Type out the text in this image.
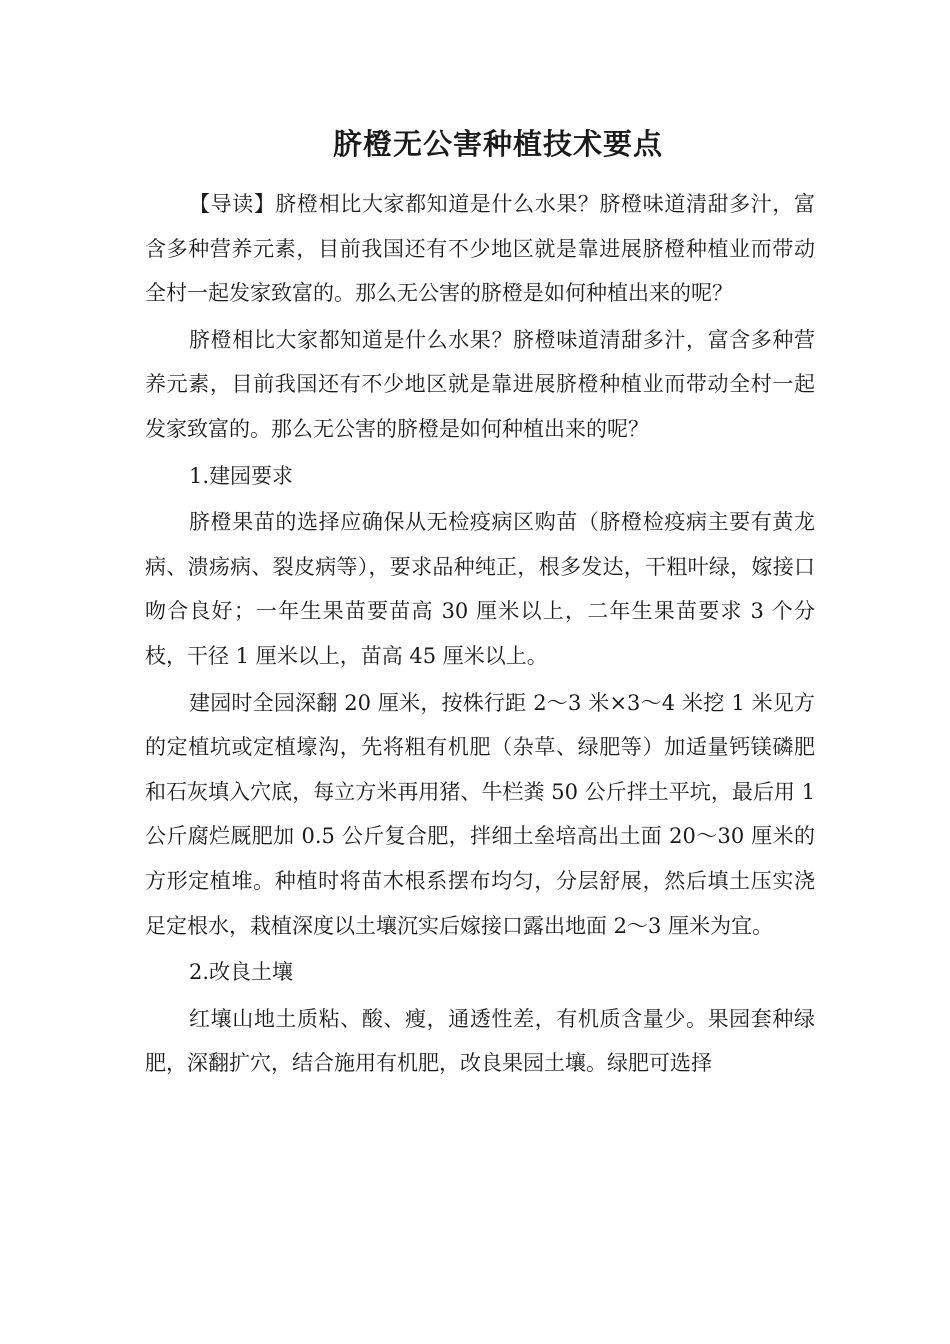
脐橙无公害种植技术要点

【导读】脐橙相比大家都知道是什么水果？脐橙味道清甜多汁，富含多种营养元素，目前我国还有不少地区就是靠进展脐橙种植业而带动全村一起发家致富的。那么无公害的脐橙是如何种植出来的呢？

脐橙相比大家都知道是什么水果？脐橙味道清甜多汁，富含多种营养元素，目前我国还有不少地区就是靠进展脐橙种植业而带动全村一起发家致富的。那么无公害的脐橙是如何种植出来的呢？

1.建园要求

脐橙果苗的选择应确保从无检疫病区购苗（脐橙检疫病主要有黄龙病、溃疡病、裂皮病等），要求品种纯正，根多发达，干粗叶绿，嫁接口吻合良好；一年生果苗要苗高 30 厘米以上，二年生果苗要求 3 个分枝，干径 1 厘米以上，苗高 45 厘米以上。

建园时全园深翻 20 厘米，按株行距 2～3 米×3～4 米挖 1 米见方的定植坑或定植壕沟，先将粗有机肥（杂草、绿肥等）加适量钙镁磷肥和石灰填入穴底，每立方米再用猪、牛栏粪 50 公斤拌土平坑，最后用 1 公斤腐烂厩肥加 0.5 公斤复合肥，拌细土垒培高出土面 20～30 厘米的方形定植堆。种植时将苗木根系摆布均匀，分层舒展，然后填土压实浇足定根水，栽植深度以土壤沉实后嫁接口露出地面 2～3 厘米为宜。

2.改良土壤

红壤山地土质粘、酸、瘦，通透性差，有机质含量少。果园套种绿肥，深翻扩穴，结合施用有机肥，改良果园土壤。绿肥可选择
